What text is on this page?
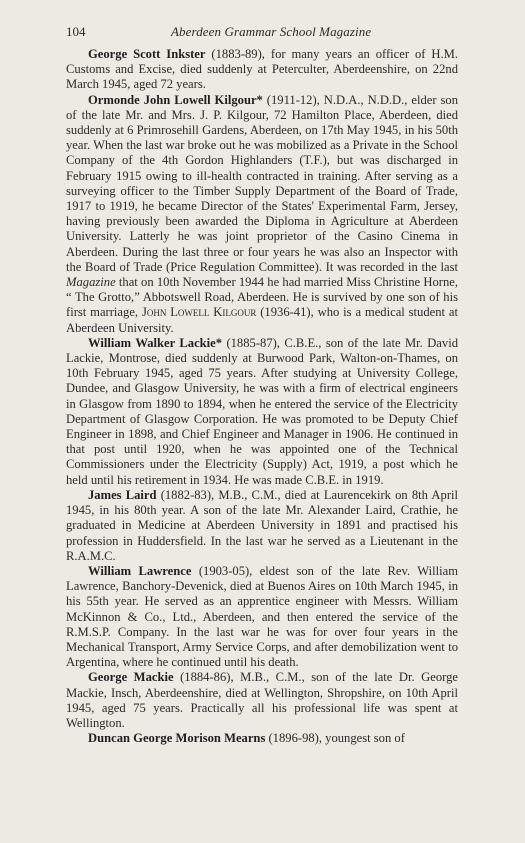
104	Aberdeen Grammar School Magazine

George Scott Inkster (1883-89), for many years an officer of H.M. Customs and Excise, died suddenly at Peterculter, Aberdeenshire, on 22nd March 1945, aged 72 years.

Ormonde John Lowell Kilgour* (1911-12), N.D.A., N.D.D., elder son of the late Mr. and Mrs. J. P. Kilgour, 72 Hamilton Place, Aberdeen, died suddenly at 6 Primrosehill Gardens, Aberdeen, on 17th May 1945, in his 50th year. When the last war broke out he was mobilized as a Private in the School Company of the 4th Gordon Highlanders (T.F.), but was discharged in February 1915 owing to ill-health contracted in training. After serving as a surveying officer to the Timber Supply Department of the Board of Trade, 1917 to 1919, he became Director of the States' Experimental Farm, Jersey, having previously been awarded the Diploma in Agriculture at Aberdeen University. Latterly he was joint proprietor of the Casino Cinema in Aberdeen. During the last three or four years he was also an Inspector with the Board of Trade (Price Regulation Committee). It was recorded in the last Magazine that on 10th November 1944 he had married Miss Christine Horne, “ The Grotto,” Abbotswell Road, Aberdeen. He is survived by one son of his first marriage, John Lowell Kilgour (1936-41), who is a medical student at Aberdeen University.

William Walker Lackie* (1885-87), C.B.E., son of the late Mr. David Lackie, Montrose, died suddenly at Burwood Park, Walton-on-Thames, on 10th February 1945, aged 75 years. After studying at University College, Dundee, and Glasgow University, he was with a firm of electrical engineers in Glasgow from 1890 to 1894, when he entered the service of the Electricity Department of Glasgow Corporation. He was promoted to be Deputy Chief Engineer in 1898, and Chief Engineer and Manager in 1906. He continued in that post until 1920, when he was appointed one of the Technical Commissioners under the Electricity (Supply) Act, 1919, a post which he held until his retirement in 1934. He was made C.B.E. in 1919.

James Laird (1882-83), M.B., C.M., died at Laurencekirk on 8th April 1945, in his 80th year. A son of the late Mr. Alexander Laird, Crathie, he graduated in Medicine at Aberdeen University in 1891 and practised his profession in Huddersfield. In the last war he served as a Lieutenant in the R.A.M.C.

William Lawrence (1903-05), eldest son of the late Rev. William Lawrence, Banchory-Devenick, died at Buenos Aires on 10th March 1945, in his 55th year. He served as an apprentice engineer with Messrs. William McKinnon & Co., Ltd., Aberdeen, and then entered the service of the R.M.S.P. Company. In the last war he was for over four years in the Mechanical Transport, Army Service Corps, and after demobilization went to Argentina, where he continued until his death.

George Mackie (1884-86), M.B., C.M., son of the late Dr. George Mackie, Insch, Aberdeenshire, died at Wellington, Shropshire, on 10th April 1945, aged 75 years. Practically all his professional life was spent at Wellington.

Duncan George Morison Mearns (1896-98), youngest son of
